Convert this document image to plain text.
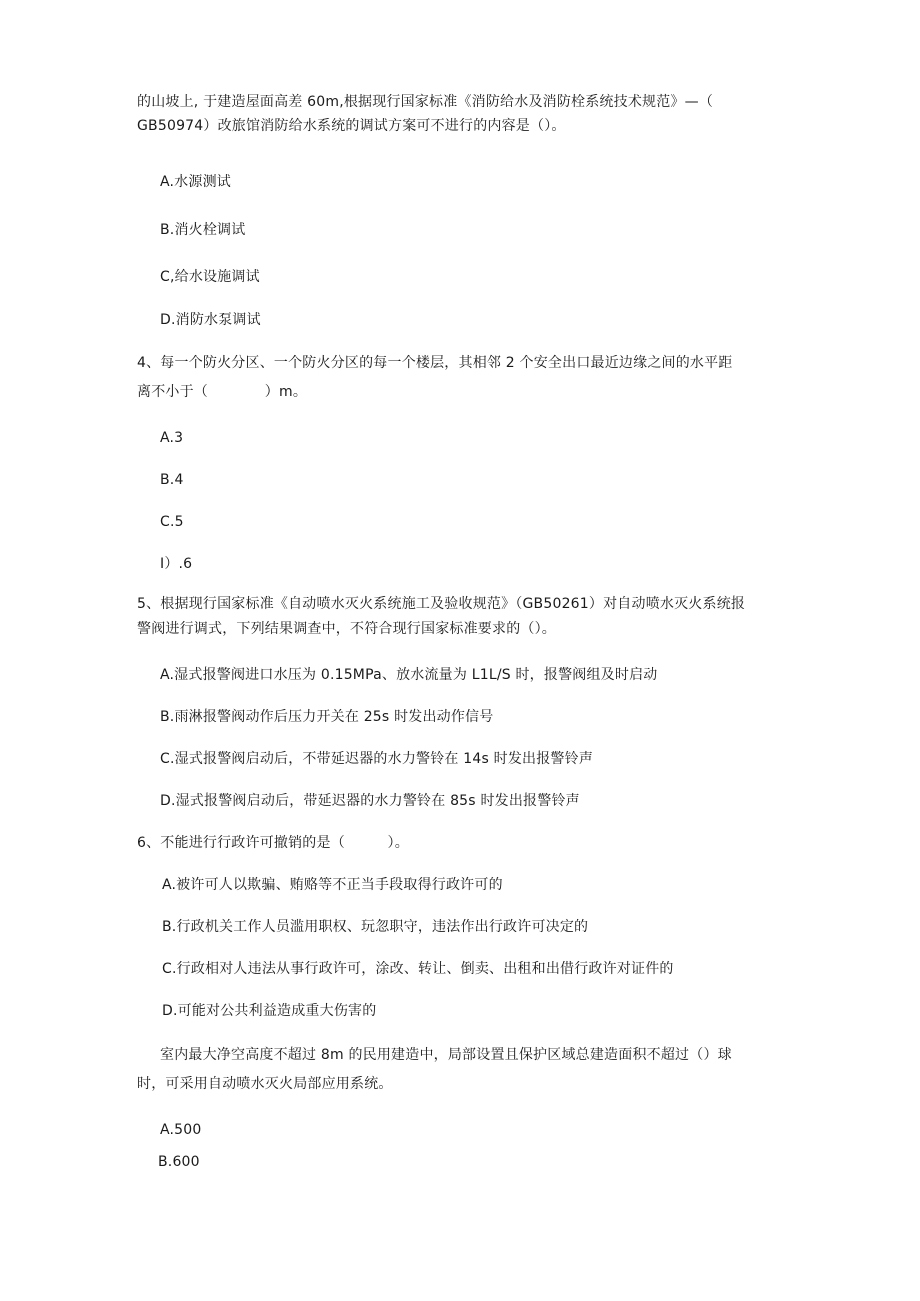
的山坡上, 于建造屋面高差 60m,根据现行国家标准《消防给水及消防栓系统技术规范》—（
GB50974）改旅馆消防给水系统的调试方案可不进行的内容是（）。
A.水源测试
B.消火栓调试
C,给水设施调试
D.消防水泵调试
4、每一个防火分区、一个防火分区的每一个楼层，其相邻 2 个安全出口最近边缘之间的水平距
离不小于（　　　　）m。
A.3
B.4
C.5
I）.6
5、根据现行国家标准《自动喷水灭火系统施工及验收规范》（GB50261）对自动喷水灭火系统报
警阀进行调式，下列结果调查中，不符合现行国家标准要求的（）。
A.湿式报警阀进口水压为 0.15MPa、放水流量为 L1L/S 时，报警阀组及时启动
B.雨淋报警阀动作后压力开关在 25s 时发出动作信号
C.湿式报警阀启动后，不带延迟器的水力警铃在 14s 时发出报警铃声
D.湿式报警阀启动后，带延迟器的水力警铃在 85s 时发出报警铃声
6、不能进行行政许可撤销的是（　　　）。
A.被许可人以欺骗、贿赂等不正当手段取得行政许可的
B.行政机关工作人员滥用职权、玩忽职守，违法作出行政许可决定的
C.行政相对人违法从事行政许可，涂改、转让、倒卖、出租和出借行政许对证件的
D.可能对公共利益造成重大伤害的
室内最大净空高度不超过 8m 的民用建造中，局部设置且保护区域总建造面积不超过（）球
时，可采用自动喷水灭火局部应用系统。
A.500
B.600
